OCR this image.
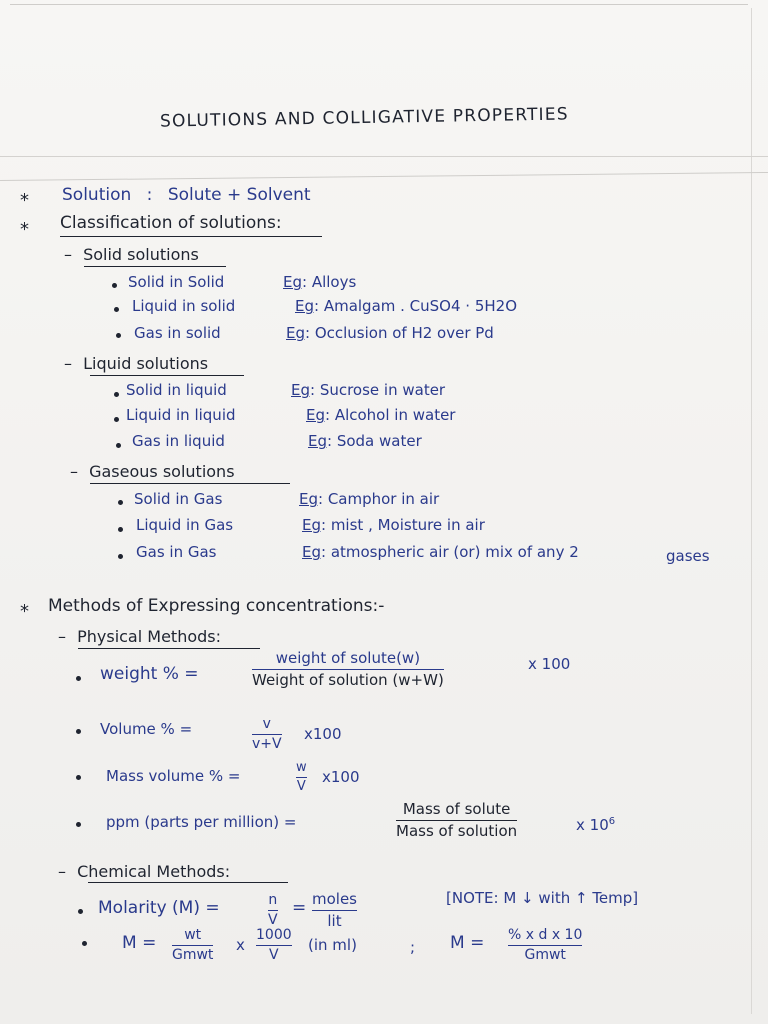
SOLUTIONS AND COLLIGATIVE PROPERTIES
* Solution : Solute + Solvent
* Classification of solutions:
– Solid solutions
Solid in Solid	Eg: Alloys
Liquid in solid	Eg: Amalgam . CuSO4 · 5H2O
Gas in solid	Eg: Occlusion of H2 over Pd
– Liquid solutions
Solid in liquid	Eg: Sucrose in water
Liquid in liquid	Eg: Alcohol in water
Gas in liquid	Eg: Soda water
– Gaseous solutions
Solid in Gas	Eg: Camphor in air
Liquid in Gas	Eg: mist , Moisture in air
Gas in Gas	Eg: atmospheric air (or) mix of any 2	gases
* Methods of Expressing concentrations:-
– Physical Methods:
weight % =
weight of solute(w)
Weight of solution (w+W)
x 100
Volume % =	v
v+V
x100
Mass volume % =	w
V
x100
ppm (parts per million) =
Mass of solute
Mass of solution	x $10^6$
– Chemical Methods:
Molarity (M) =	n
V
= moles
lit
[NOTE: M ↓ with ↑ Temp]
M = wt
Gmwt
x
1000
V
(in ml)	; M = % x d x 10
Gmwt
